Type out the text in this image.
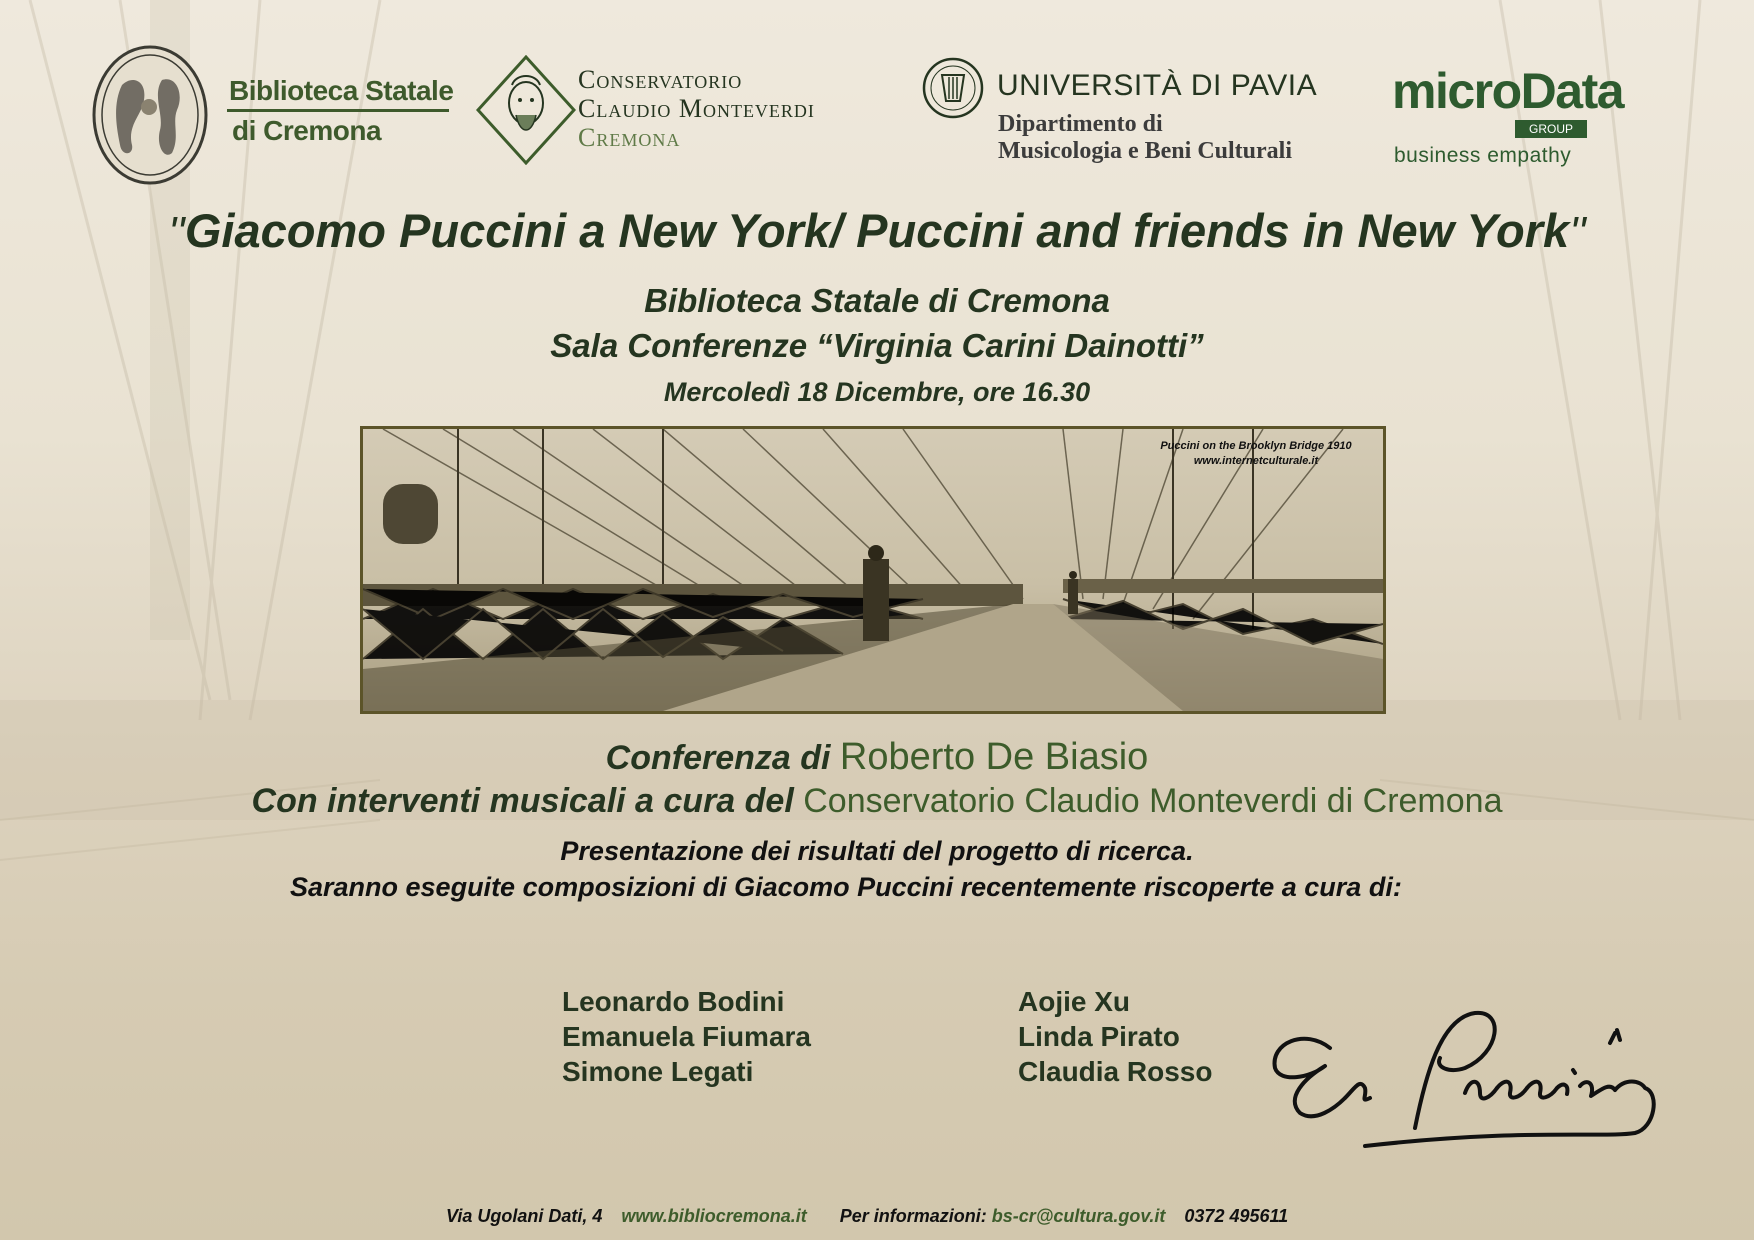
Biblioteca Statale
di Cremona
Conservatorio
Claudio Monteverdi
Cremona
UNIVERSITÀ DI PAVIA
Dipartimento di
Musicologia e Beni Culturali
microData
GROUP
business empathy
''Giacomo Puccini a New York/ Puccini and friends in New York''
Biblioteca Statale di Cremona
Sala Conferenze “Virginia Carini Dainotti”
Mercoledì 18 Dicembre, ore 16.30
Puccini on the Brooklyn Bridge 1910
www.internetculturale.it
Conferenza di Roberto De Biasio
Con interventi musicali a cura del Conservatorio Claudio Monteverdi di Cremona
Presentazione dei risultati del progetto di ricerca.
Saranno eseguite composizioni di Giacomo Puccini recentemente riscoperte a cura di:
Leonardo Bodini
Emanuela Fiumara
Simone Legati
Aojie Xu
Linda Pirato
Claudia Rosso
Via Ugolani Dati, 4 www.bibliocremona.it Per informazioni: bs-cr@cultura.gov.it 0372 495611
